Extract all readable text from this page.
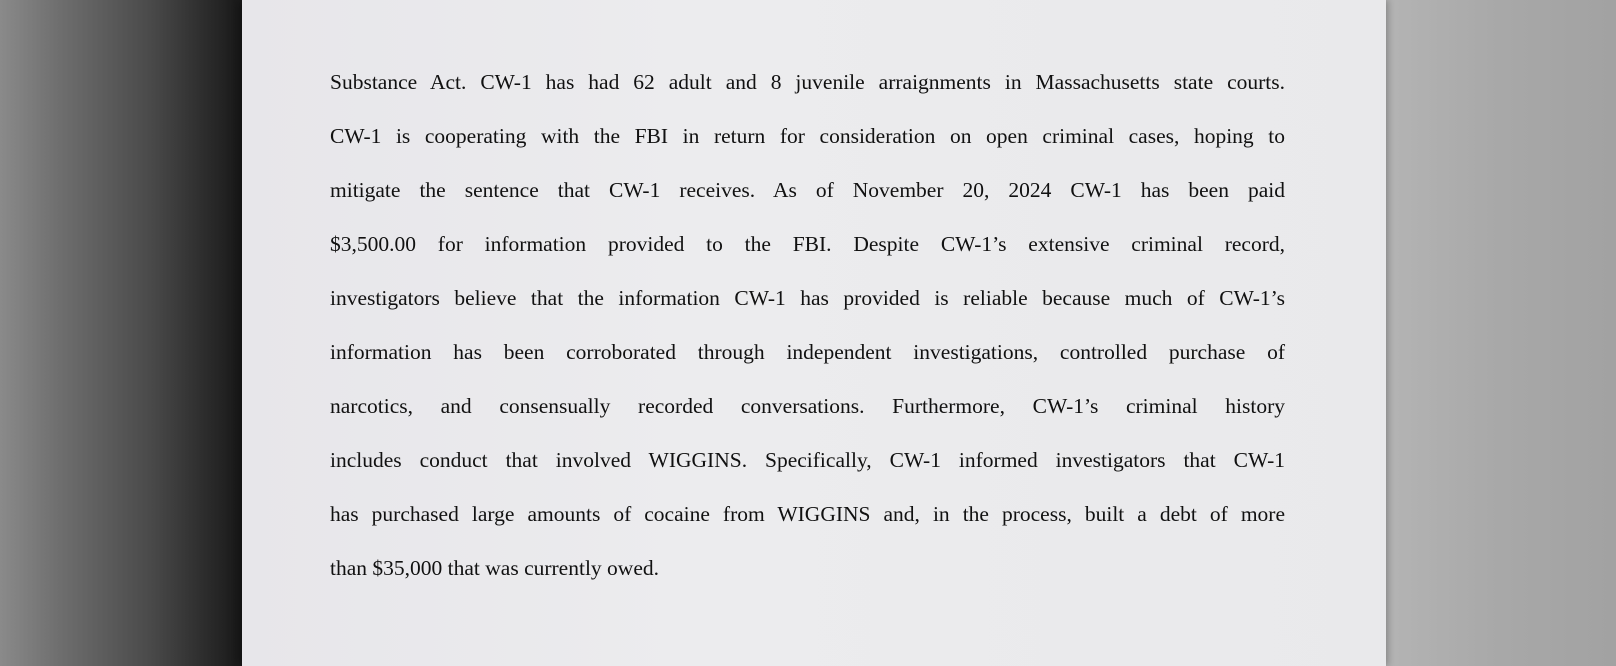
Substance Act. CW-1 has had 62 adult and 8 juvenile arraignments in Massachusetts state courts.
CW-1 is cooperating with the FBI in return for consideration on open criminal cases, hoping to
mitigate the sentence that CW-1 receives. As of November 20, 2024 CW-1 has been paid
$3,500.00 for information provided to the FBI. Despite CW-1’s extensive criminal record,
investigators believe that the information CW-1 has provided is reliable because much of CW-1’s
information has been corroborated through independent investigations, controlled purchase of
narcotics, and consensually recorded conversations. Furthermore, CW-1’s criminal history
includes conduct that involved WIGGINS. Specifically, CW-1 informed investigators that CW-1
has purchased large amounts of cocaine from WIGGINS and, in the process, built a debt of more
than $35,000 that was currently owed.
